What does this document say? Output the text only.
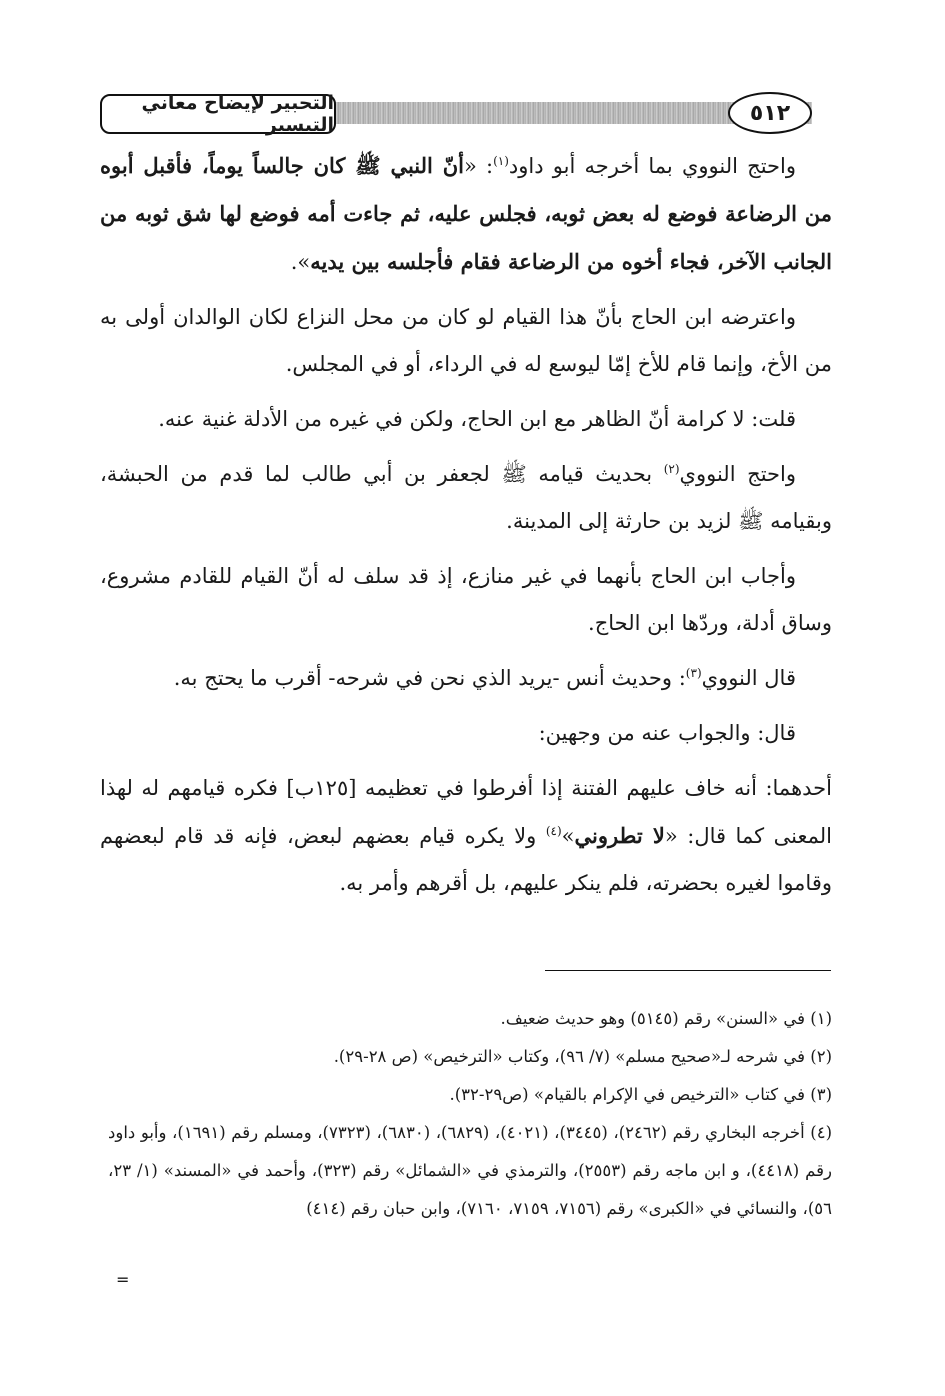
التحبير لإيضاح معاني التيسير	٥١٢

واحتج النووي بما أخرجه أبو داود$^{(١)}$: «أنّ النبي ﷺ كان جالساً يوماً، فأقبل أبوه من الرضاعة فوضع له بعض ثوبه، فجلس عليه، ثم جاءت أمه فوضع لها شق ثوبه من الجانب الآخر، فجاء أخوه من الرضاعة فقام فأجلسه بين يديه».

واعترضه ابن الحاج بأنّ هذا القيام لو كان من محل النزاع لكان الوالدان أولى به من الأخ، وإنما قام للأخ إمّا ليوسع له في الرداء، أو في المجلس.

قلت: لا كرامة أنّ الظاهر مع ابن الحاج، ولكن في غيره من الأدلة غنية عنه.

واحتج النووي$^{(٢)}$ بحديث قيامه ﷺ لجعفر بن أبي طالب لما قدم من الحبشة، وبقيامه ﷺ لزيد بن حارثة إلى المدينة.

وأجاب ابن الحاج بأنهما في غير منازع، إذ قد سلف له أنّ القيام للقادم مشروع، وساق أدلة، وردّها ابن الحاج.

قال النووي$^{(٣)}$: وحديث أنس -يريد الذي نحن في شرحه- أقرب ما يحتج به.

قال: والجواب عنه من وجهين:

أحدهما: أنه خاف عليهم الفتنة إذا أفرطوا في تعظيمه [١٢٥ب] فكره قيامهم له لهذا المعنى كما قال: «لا تطروني»$^{(٤)}$ ولا يكره قيام بعضهم لبعض، فإنه قد قام لبعضهم وقاموا لغيره بحضرته، فلم ينكر عليهم، بل أقرهم وأمر به.

(١) في «السنن» رقم (٥١٤٥) وهو حديث ضعيف.

(٢) في شرحه لـ«صحيح مسلم» (٧/ ٩٦)، وكتاب «الترخيص» (ص ٢٨-٢٩).

(٣) في كتاب «الترخيص في الإكرام بالقيام» (ص٢٩-٣٢).

(٤) أخرجه البخاري رقم (٢٤٦٢)، (٣٤٤٥)، (٤٠٢١)، (٦٨٢٩)، (٦٨٣٠)، (٧٣٢٣)، ومسلم رقم (١٦٩١)، وأبو داود رقم (٤٤١٨)، و ابن ماجه رقم (٢٥٥٣)، والترمذي في «الشمائل» رقم (٣٢٣)، وأحمد في «المسند» (١/ ٢٣، ٥٦)، والنسائي في «الكبرى» رقم (٧١٥٦، ٧١٥٩، ٧١٦٠)، وابن حبان رقم (٤١٤)

=
